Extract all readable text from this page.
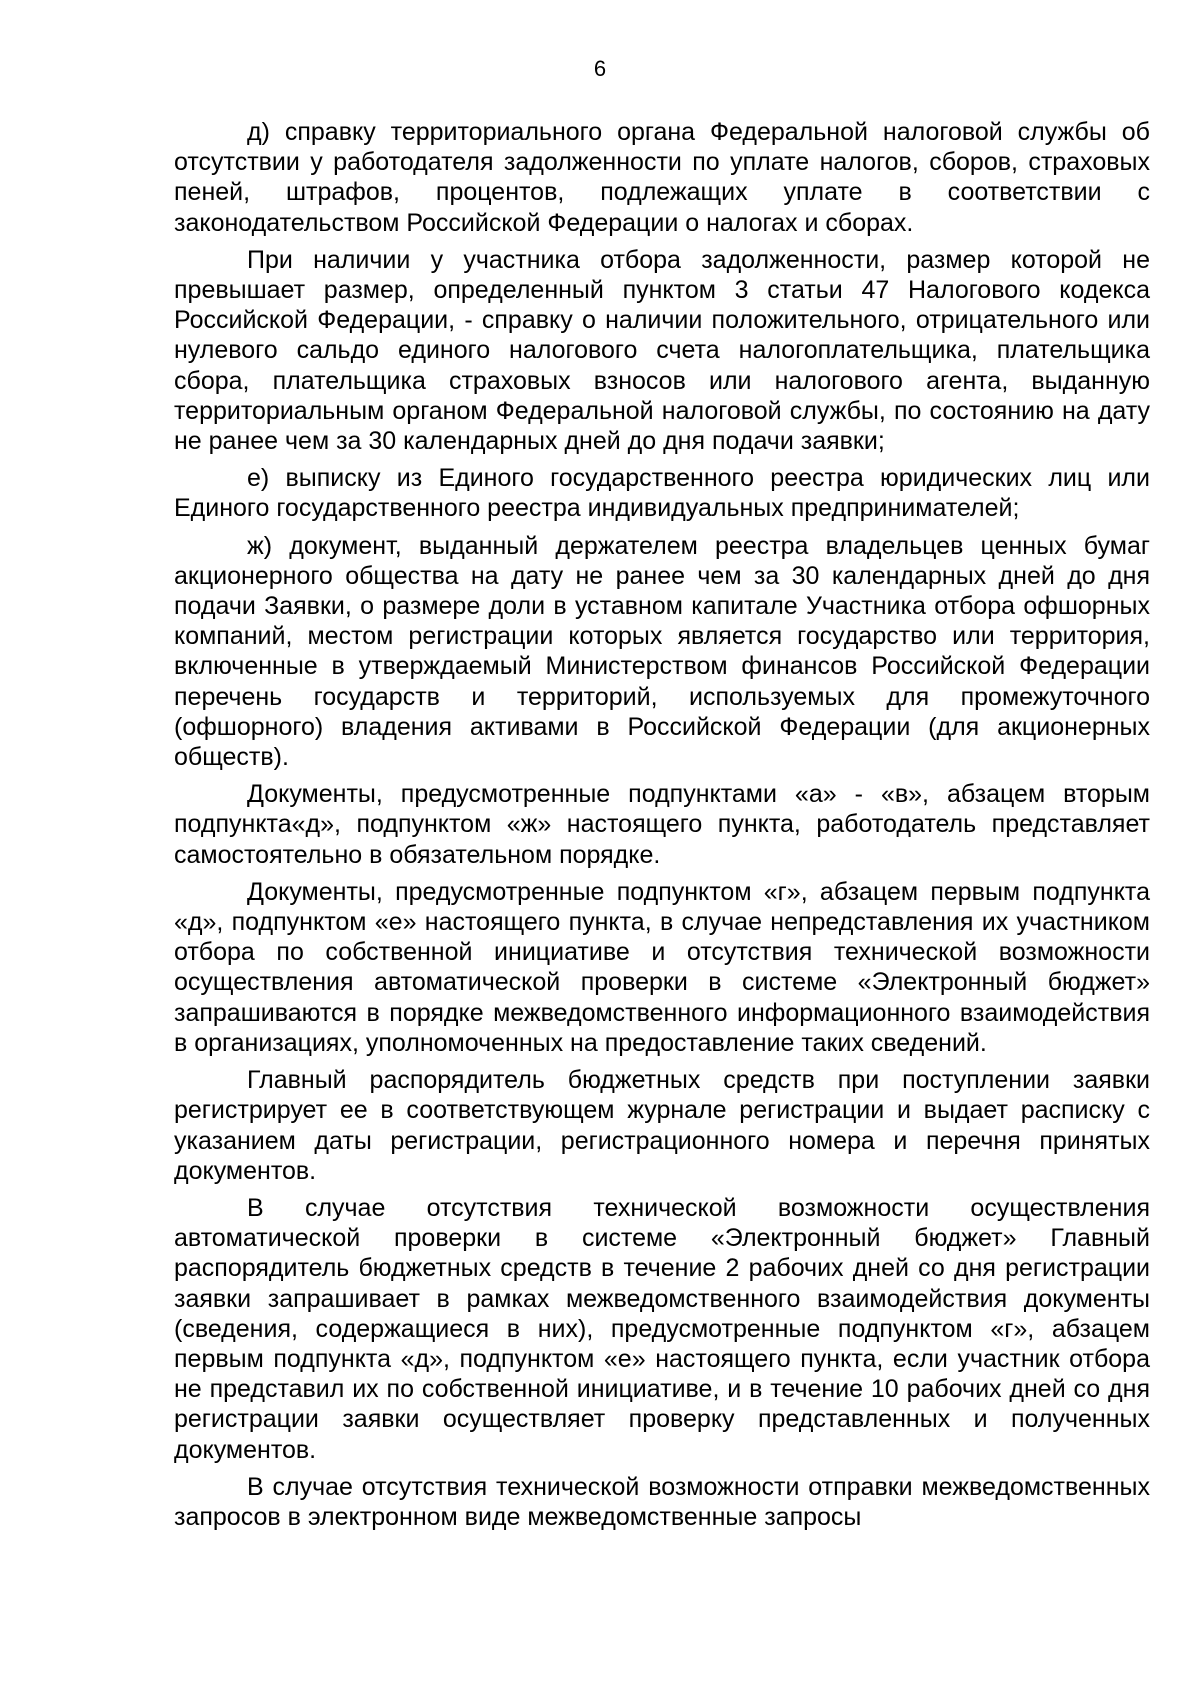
6

д) справку территориального органа Федеральной налоговой службы об отсутствии у работодателя задолженности по уплате налогов, сборов, страховых пеней, штрафов, процентов, подлежащих уплате в соответствии с законодательством Российской Федерации о налогах и сборах.

При наличии у участника отбора задолженности, размер которой не превышает размер, определенный пунктом 3 статьи 47 Налогового кодекса Российской Федерации, - справку о наличии положительного, отрицательного или нулевого сальдо единого налогового счета налогоплательщика, плательщика сбора, плательщика страховых взносов или налогового агента, выданную территориальным органом Федеральной налоговой службы, по состоянию на дату не ранее чем за 30 календарных дней до дня подачи заявки;

е) выписку из Единого государственного реестра юридических лиц или Единого государственного реестра индивидуальных предпринимателей;

ж) документ, выданный держателем реестра владельцев ценных бумаг акционерного общества на дату не ранее чем за 30 календарных дней до дня подачи Заявки, о размере доли в уставном капитале Участника отбора офшорных компаний, местом регистрации которых является государство или территория, включенные в утверждаемый Министерством финансов Российской Федерации перечень государств и территорий, используемых для промежуточного (офшорного) владения активами в Российской Федерации (для акционерных обществ).

Документы, предусмотренные подпунктами «а» - «в», абзацем вторым подпункта«д», подпунктом «ж» настоящего пункта, работодатель представляет самостоятельно в обязательном порядке.

Документы, предусмотренные подпунктом «г», абзацем первым подпункта «д», подпунктом «е» настоящего пункта, в случае непредставления их участником отбора по собственной инициативе и отсутствия технической возможности осуществления автоматической проверки в системе «Электронный бюджет» запрашиваются в порядке межведомственного информационного взаимодействия в организациях, уполномоченных на предоставление таких сведений.

Главный распорядитель бюджетных средств при поступлении заявки регистрирует ее в соответствующем журнале регистрации и выдает расписку с указанием даты регистрации, регистрационного номера и перечня принятых документов.

В случае отсутствия технической возможности осуществления автоматической проверки в системе «Электронный бюджет» Главный распорядитель бюджетных средств в течение 2 рабочих дней со дня регистрации заявки запрашивает в рамках межведомственного взаимодействия документы (сведения, содержащиеся в них), предусмотренные подпунктом «г», абзацем первым подпункта «д», подпунктом «е» настоящего пункта, если участник отбора не представил их по собственной инициативе, и в течение 10 рабочих дней со дня регистрации заявки осуществляет проверку представленных и полученных документов.

В случае отсутствия технической возможности отправки межведомственных запросов в электронном виде межведомственные запросы
